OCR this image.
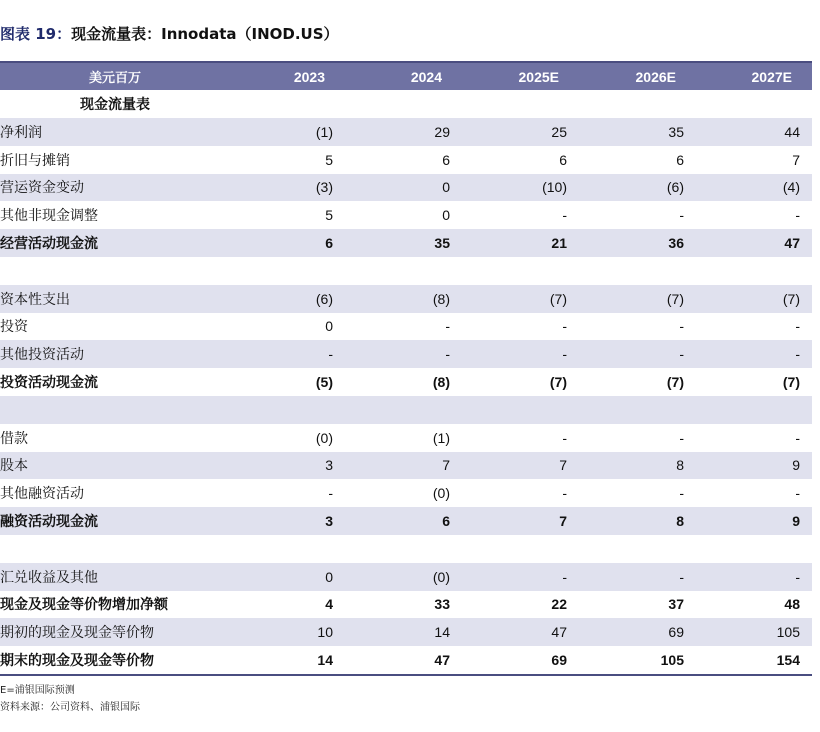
图表 19：现金流量表：Innodata（INOD.US）
美元百万	2023	2024	2025E	2026E	2027E
现金流量表
净利润	(1)	29	25	35	44
折旧与摊销	5	6	6	6	7
营运资金变动	(3)	0	(10)	(6)	(4)
其他非现金调整	5	0	-	-	-
经营活动现金流	6	35	21	36	47
资本性支出	(6)	(8)	(7)	(7)	(7)
投资	0	-	-	-	-
其他投资活动	-	-	-	-	-
投资活动现金流	(5)	(8)	(7)	(7)	(7)
借款	(0)	(1)	-	-	-
股本	3	7	7	8	9
其他融资活动	-	(0)	-	-	-
融资活动现金流	3	6	7	8	9
汇兑收益及其他	0	(0)	-	-	-
现金及现金等价物增加净额	4	33	22	37	48
期初的现金及现金等价物	10	14	47	69	105
期末的现金及现金等价物	14	47	69	105	154
E=浦银国际预测
资料来源：公司资料、浦银国际
